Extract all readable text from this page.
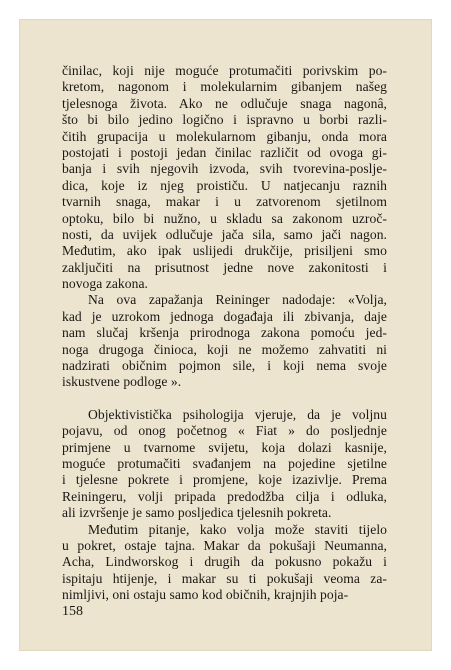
činilac, koji nije moguće protumačiti porivskim po-
kretom, nagonom i molekularnim gibanjem našeg
tjelesnoga života. Ako ne odlučuje snaga nagonâ,
što bi bilo jedino logično i ispravno u borbi razli-
čitih grupacija u molekularnom gibanju, onda mora
postojati i postoji jedan činilac različit od ovoga gi-
banja i svih njegovih izvoda, svih tvorevina-poslje-
dica, koje iz njeg proističu. U natjecanju raznih
tvarnih snaga, makar i u zatvorenom sjetilnom
optoku, bilo bi nužno, u skladu sa zakonom uzroč-
nosti, da uvijek odlučuje jača sila, samo jači nagon.
Međutim, ako ipak uslijedi drukčije, prisiljeni smo
zaključiti na prisutnost jedne nove zakonitosti i
novoga zakona.
Na ova zapažanja Reininger nadodaje: «Volja,
kad je uzrokom jednoga događaja ili zbivanja, daje
nam slučaj kršenja prirodnoga zakona pomoću jed-
noga drugoga činioca, koji ne možemo zahvatiti ni
nadzirati običnim pojmon sile, i koji nema svoje
iskustvene podloge ».
Objektivistička psihologija vjeruje, da je voljnu
pojavu, od onog početnog « Fiat » do posljednje
primjene u tvarnome svijetu, koja dolazi kasnije,
moguće protumačiti svađanjem na pojedine sjetilne
i tjelesne pokrete i promjene, koje izazivlje. Prema
Reiningeru, volji pripada predodžba cilja i odluka,
ali izvršenje je samo posljedica tjelesnih pokreta.
Međutim pitanje, kako volja može staviti tijelo
u pokret, ostaje tajna. Makar da pokušaji Neumanna,
Acha, Lindworskog i drugih da pokusno pokažu i
ispitaju htijenje, i makar su ti pokušaji veoma za-
nimljivi, oni ostaju samo kod običnih, krajnjih poja-
158
